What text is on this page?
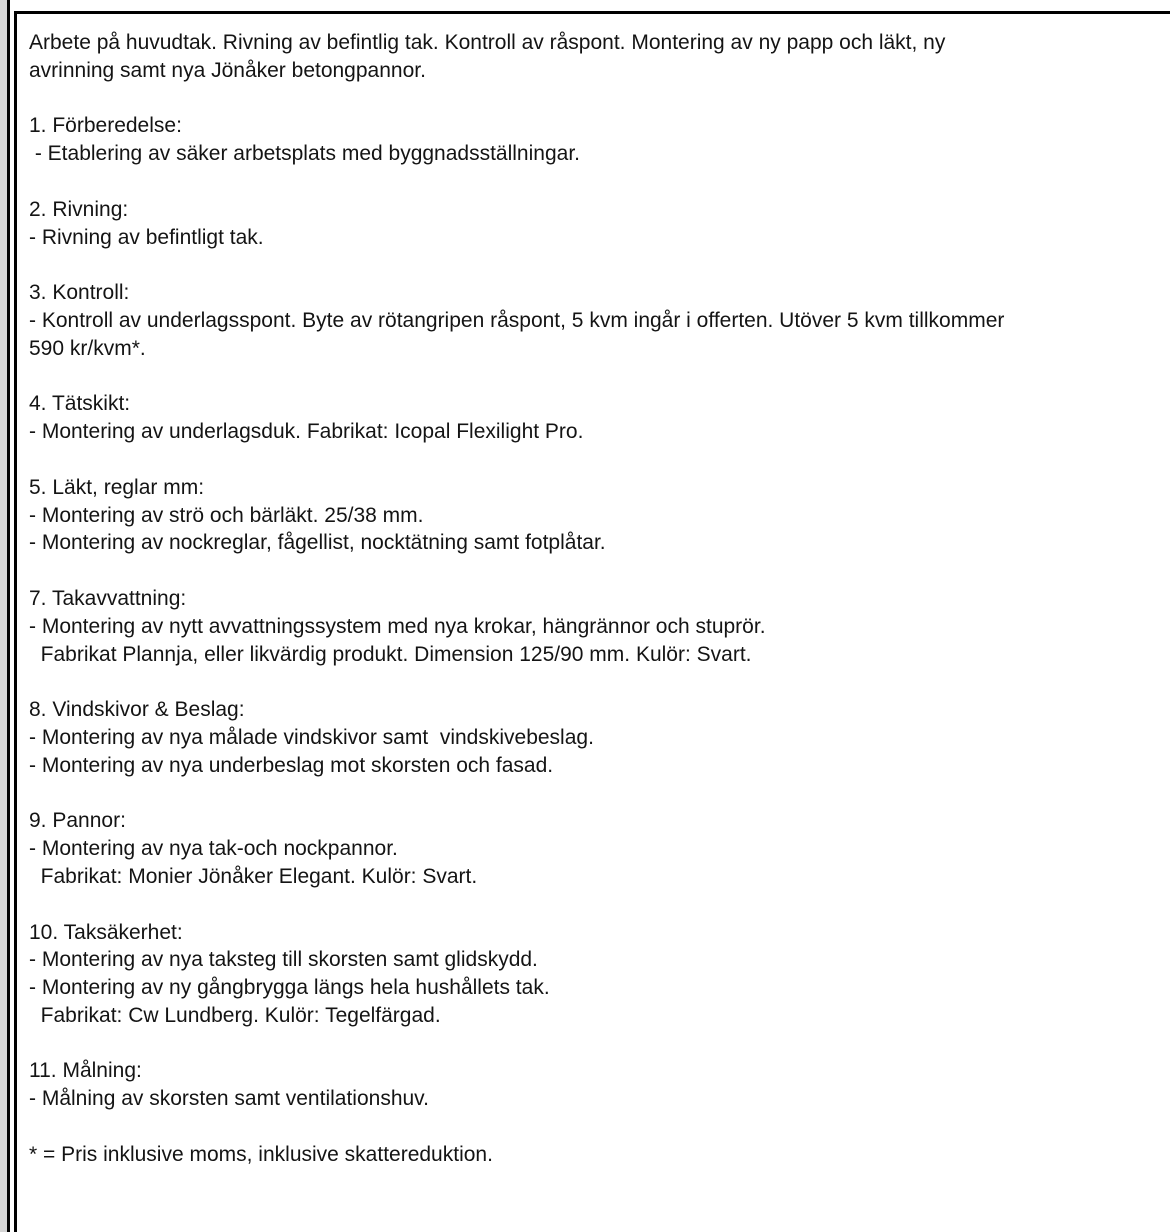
Arbete på huvudtak. Rivning av befintlig tak. Kontroll av råspont. Montering av ny papp och läkt, ny
avrinning samt nya Jönåker betongpannor.
1. Förberedelse:
- Etablering av säker arbetsplats med byggnadsställningar.
2. Rivning:
- Rivning av befintligt tak.
3. Kontroll:
- Kontroll av underlagsspont. Byte av rötangripen råspont, 5 kvm ingår i offerten. Utöver 5 kvm tillkommer
590 kr/kvm*.
4. Tätskikt:
- Montering av underlagsduk. Fabrikat: Icopal Flexilight Pro.
5. Läkt, reglar mm:
- Montering av strö och bärläkt. 25/38 mm.
- Montering av nockreglar, fågellist, nocktätning samt fotplåtar.
7. Takavvattning:
- Montering av nytt avvattningssystem med nya krokar, hängrännor och stuprör.
Fabrikat Plannja, eller likvärdig produkt. Dimension 125/90 mm. Kulör: Svart.
8. Vindskivor & Beslag:
- Montering av nya målade vindskivor samt  vindskivebeslag.
- Montering av nya underbeslag mot skorsten och fasad.
9. Pannor:
- Montering av nya tak-och nockpannor.
Fabrikat: Monier Jönåker Elegant. Kulör: Svart.
10. Taksäkerhet:
- Montering av nya taksteg till skorsten samt glidskydd.
- Montering av ny gångbrygga längs hela hushållets tak.
Fabrikat: Cw Lundberg. Kulör: Tegelfärgad.
11. Målning:
- Målning av skorsten samt ventilationshuv.
* = Pris inklusive moms, inklusive skattereduktion.
